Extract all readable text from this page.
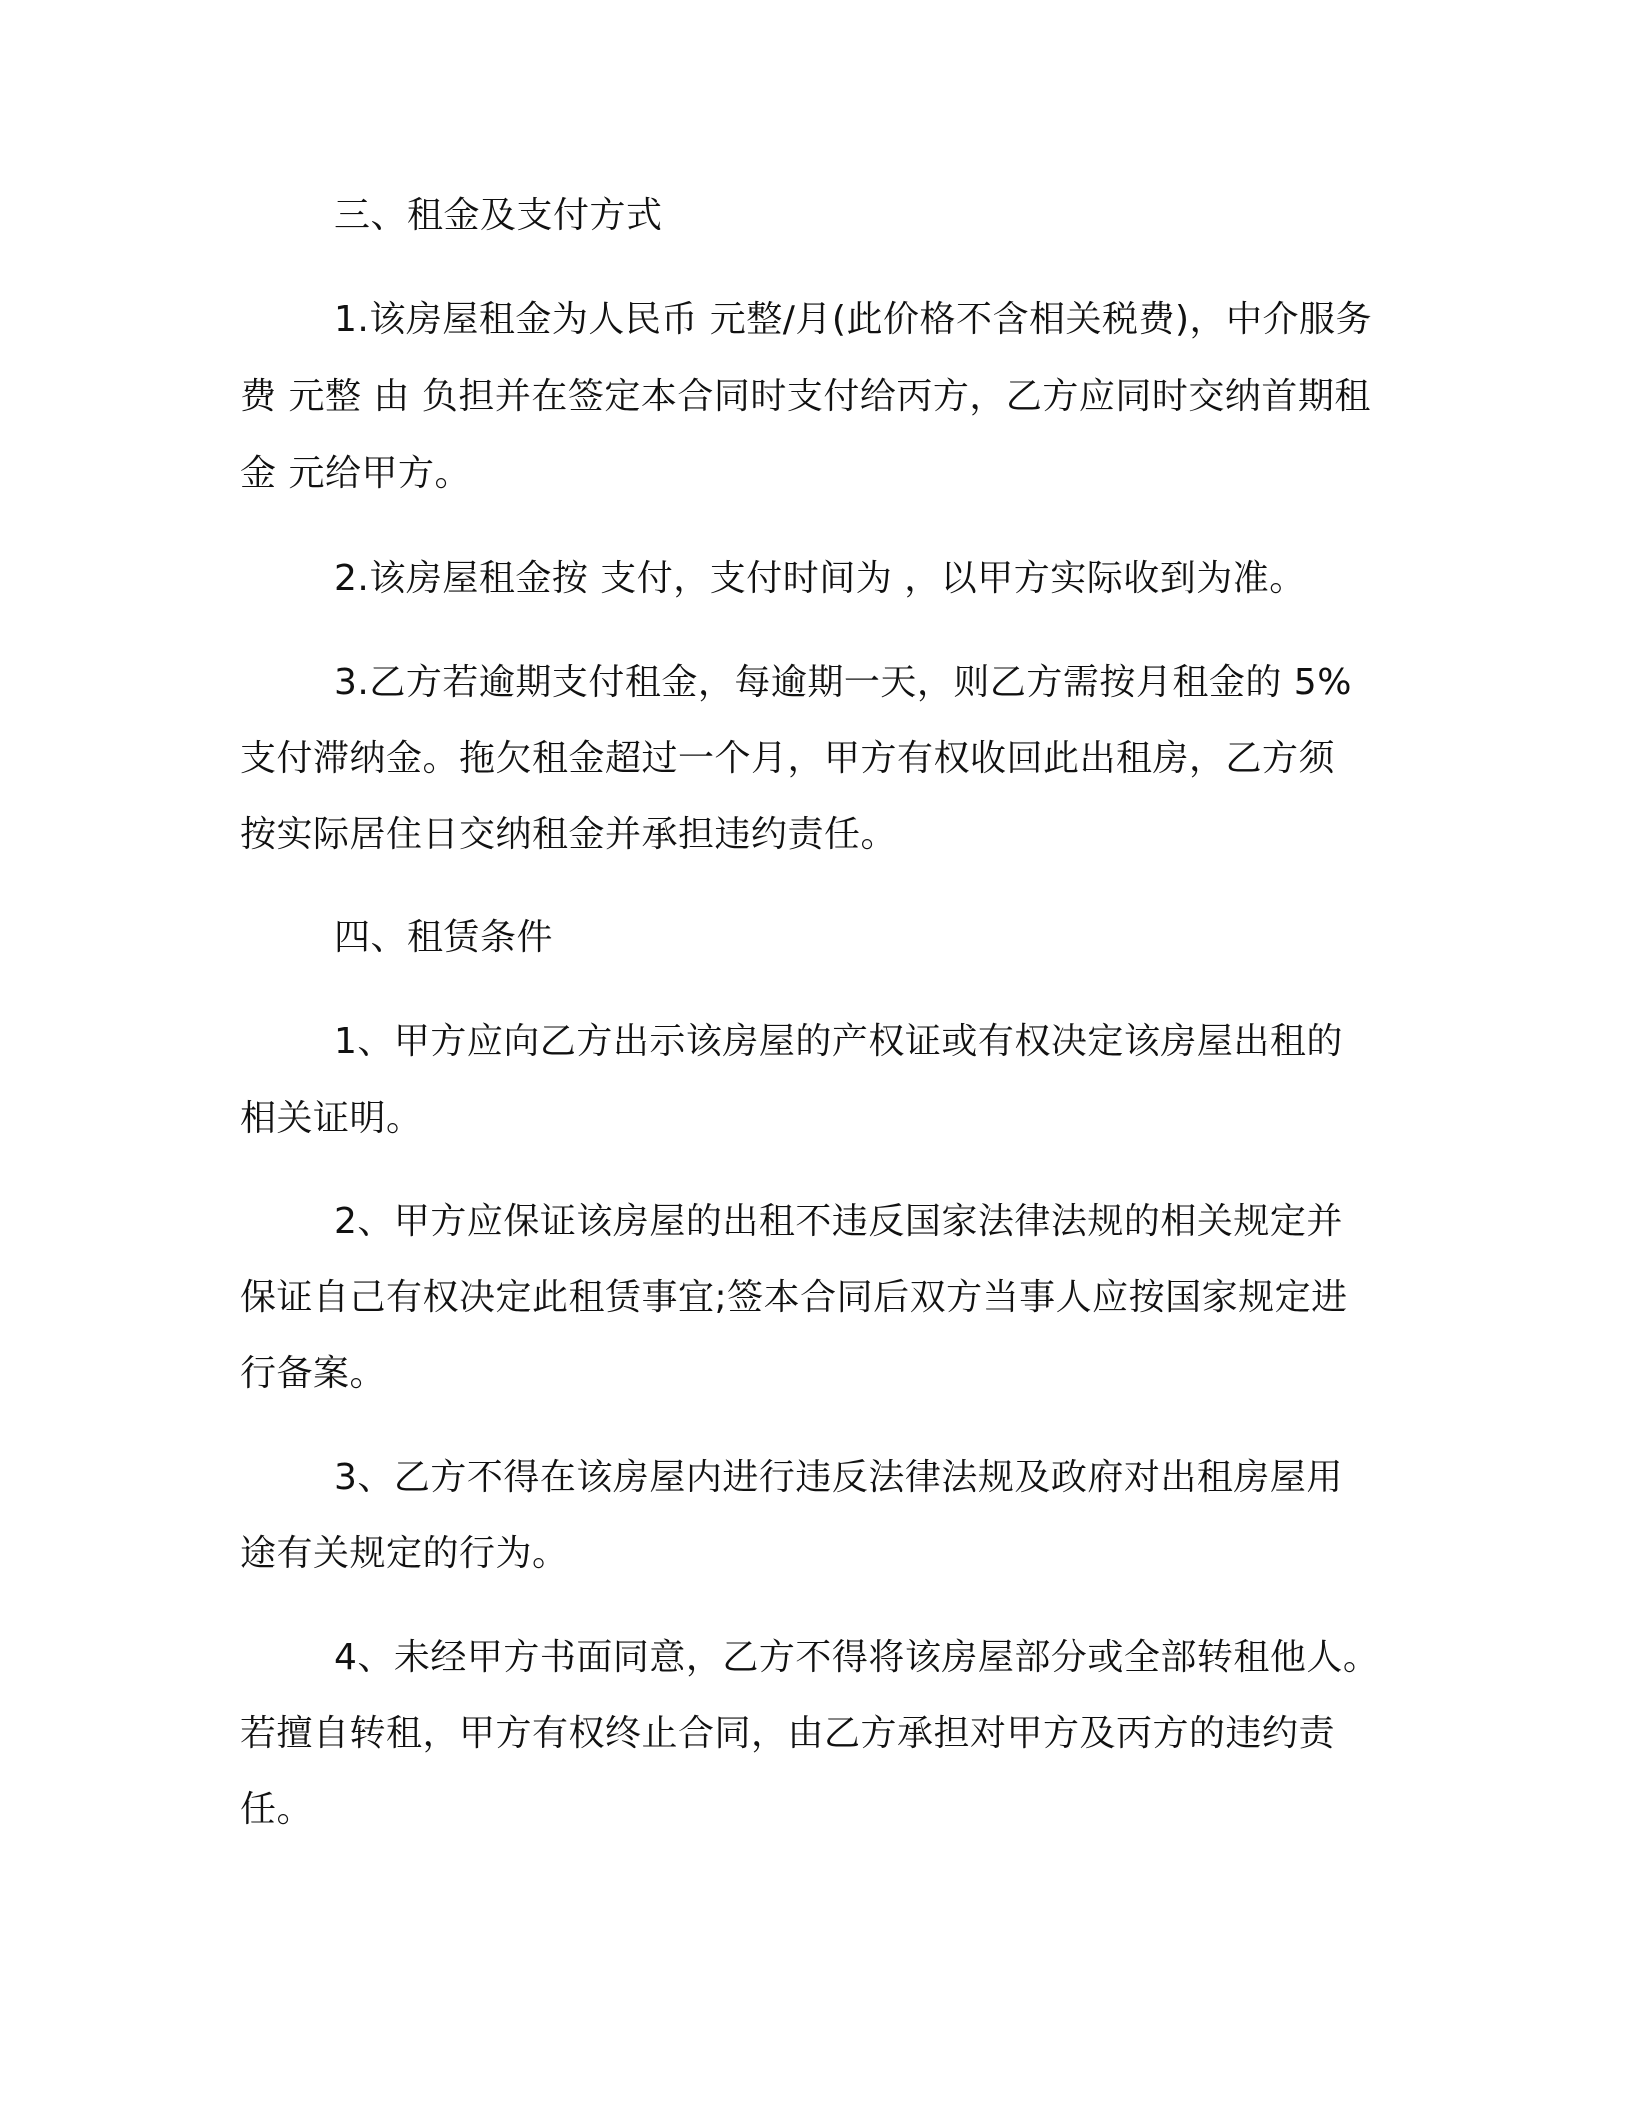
三、租金及支付方式
1.该房屋租金为人民币 元整/月(此价格不含相关税费)，中介服务
费 元整 由 负担并在签定本合同时支付给丙方，乙方应同时交纳首期租
金 元给甲方。
2.该房屋租金按 支付，支付时间为 ，以甲方实际收到为准。
3.乙方若逾期支付租金，每逾期一天，则乙方需按月租金的 5%
支付滞纳金。拖欠租金超过一个月，甲方有权收回此出租房，乙方须
按实际居住日交纳租金并承担违约责任。
四、租赁条件
1、甲方应向乙方出示该房屋的产权证或有权决定该房屋出租的
相关证明。
2、甲方应保证该房屋的出租不违反国家法律法规的相关规定并
保证自己有权决定此租赁事宜;签本合同后双方当事人应按国家规定进
行备案。
3、乙方不得在该房屋内进行违反法律法规及政府对出租房屋用
途有关规定的行为。
4、未经甲方书面同意，乙方不得将该房屋部分或全部转租他人。
若擅自转租，甲方有权终止合同，由乙方承担对甲方及丙方的违约责
任。
